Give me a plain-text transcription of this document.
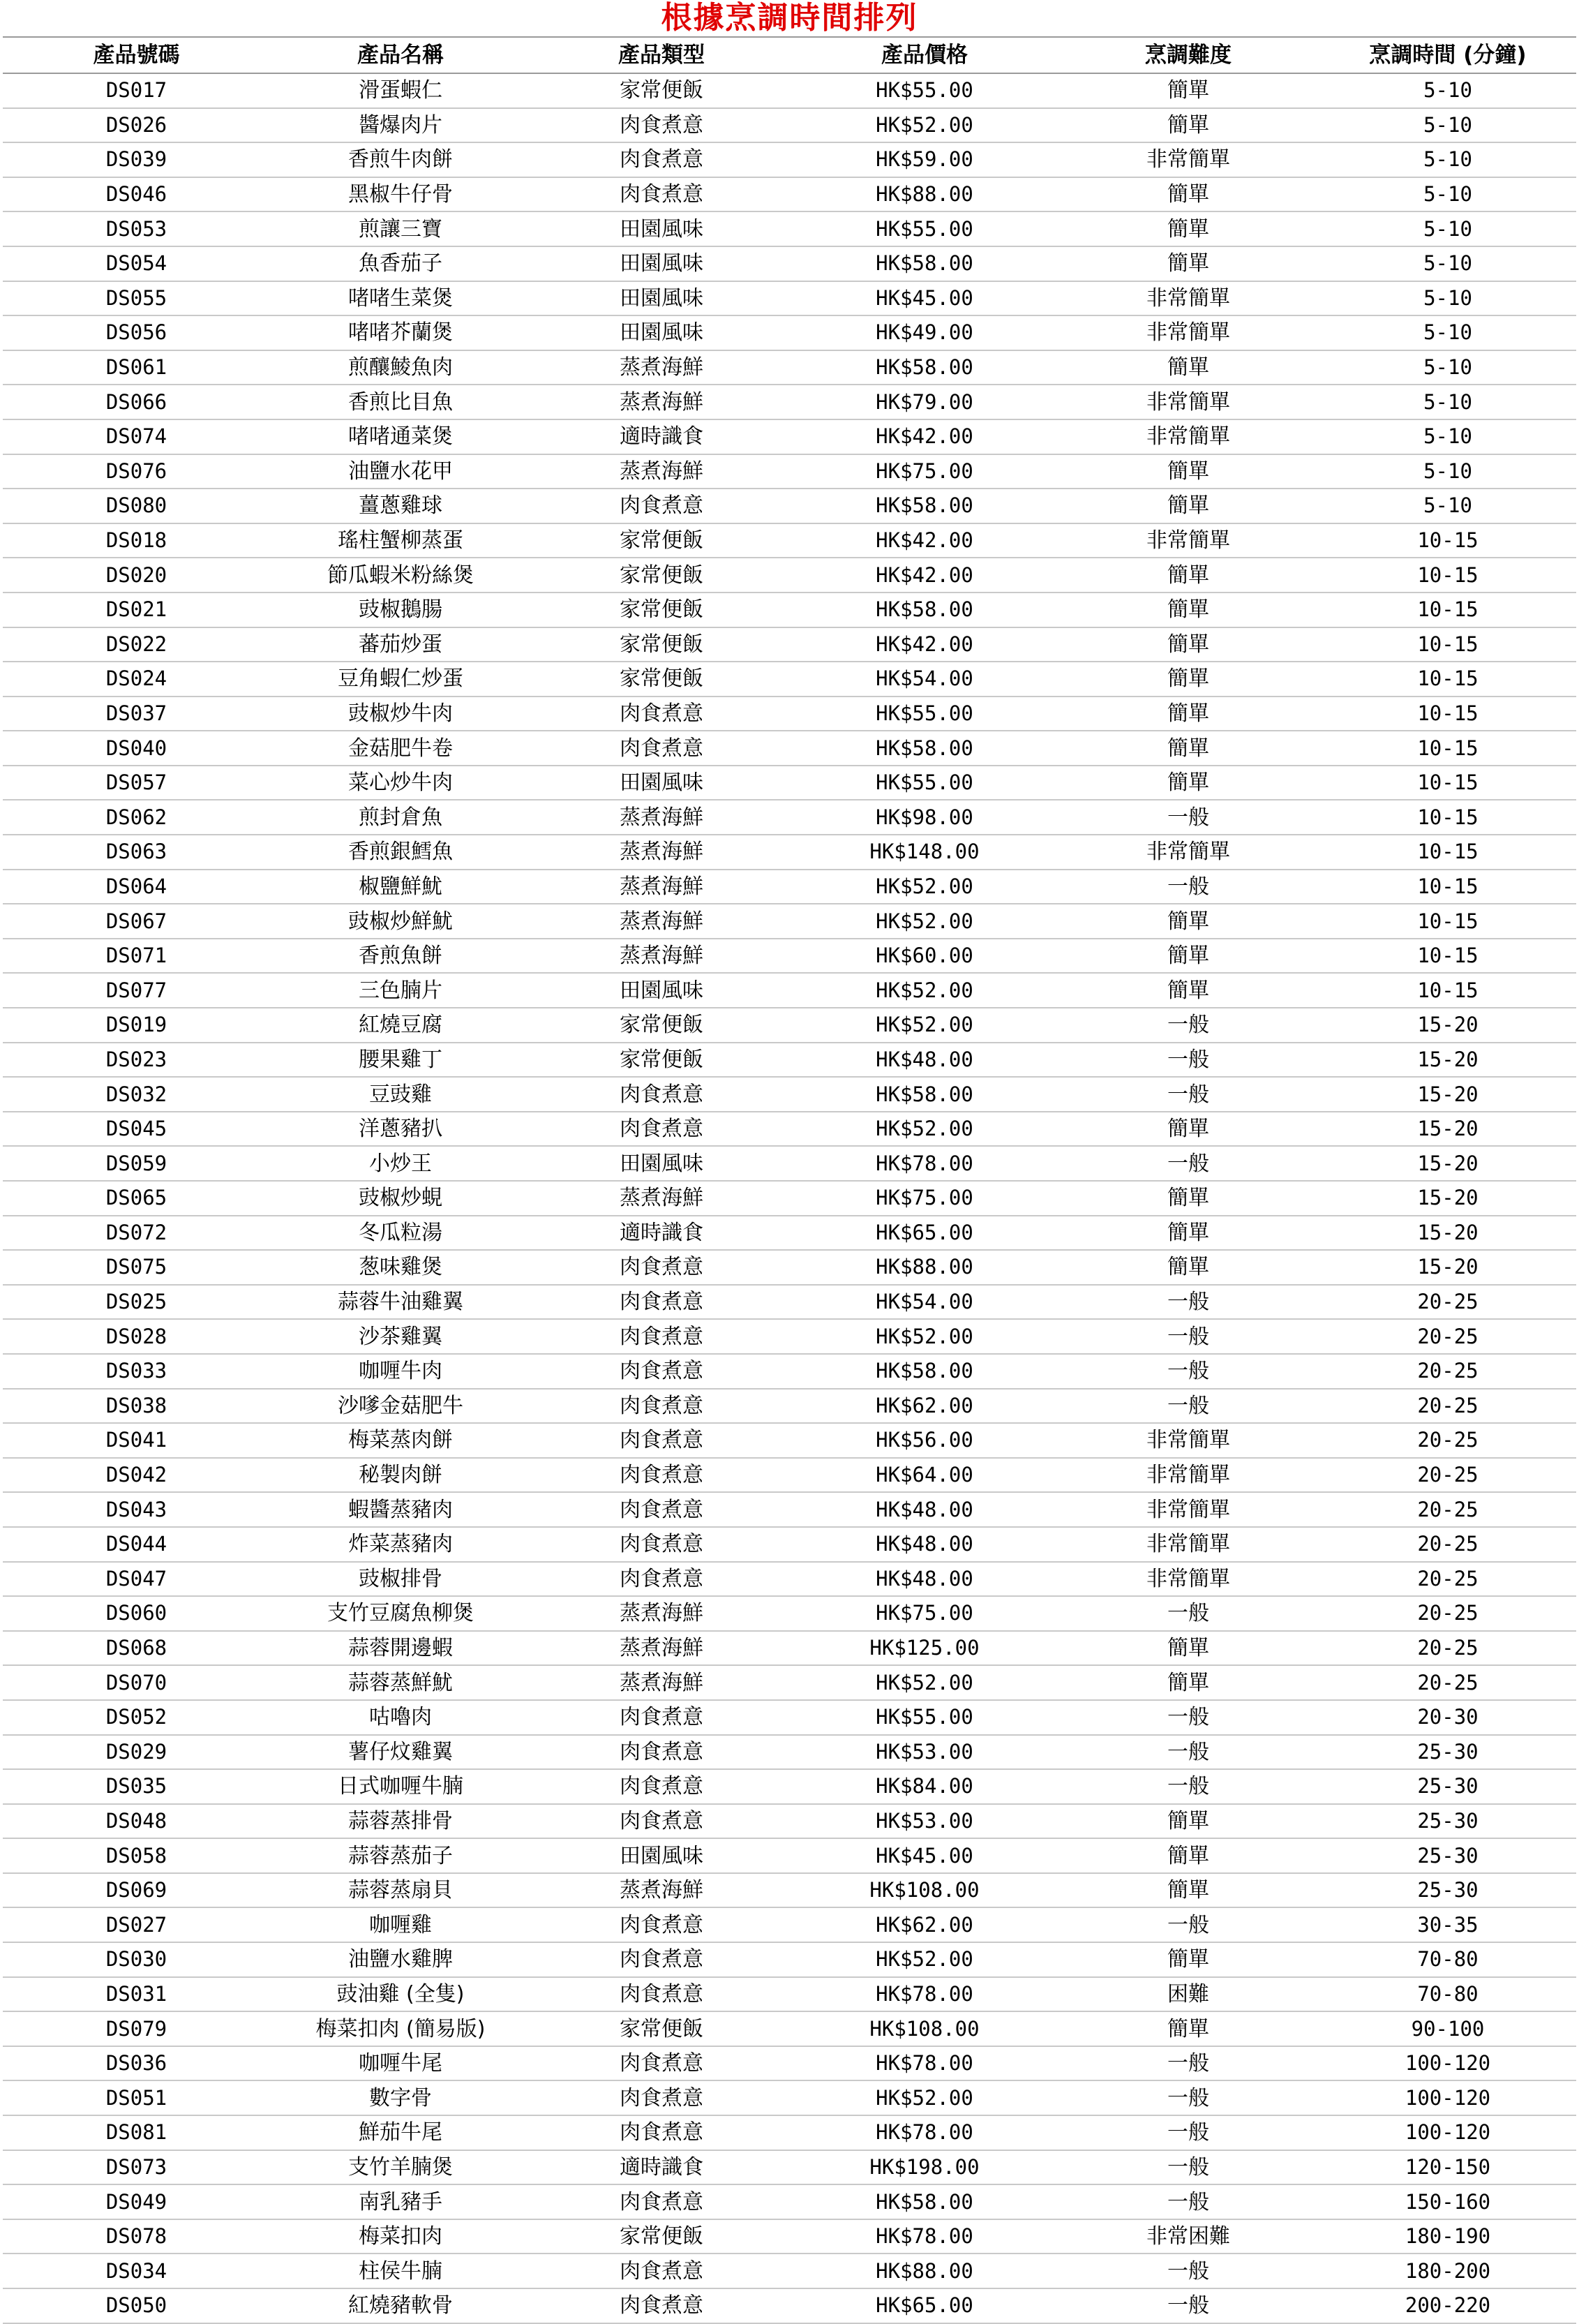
根據烹調時間排列
產品號碼	產品名稱	產品類型	產品價格	烹調難度	烹調時間 (分鐘)
DS017	滑蛋蝦仁	家常便飯	HK$55.00	簡單	5-10
DS026	醬爆肉片	肉食煮意	HK$52.00	簡單	5-10
DS039	香煎牛肉餅	肉食煮意	HK$59.00	非常簡單	5-10
DS046	黑椒牛仔骨	肉食煮意	HK$88.00	簡單	5-10
DS053	煎讓三寶	田園風味	HK$55.00	簡單	5-10
DS054	魚香茄子	田園風味	HK$58.00	簡單	5-10
DS055	啫啫生菜煲	田園風味	HK$45.00	非常簡單	5-10
DS056	啫啫芥蘭煲	田園風味	HK$49.00	非常簡單	5-10
DS061	煎釀鯪魚肉	蒸煮海鮮	HK$58.00	簡單	5-10
DS066	香煎比目魚	蒸煮海鮮	HK$79.00	非常簡單	5-10
DS074	啫啫通菜煲	適時識食	HK$42.00	非常簡單	5-10
DS076	油鹽水花甲	蒸煮海鮮	HK$75.00	簡單	5-10
DS080	薑蔥雞球	肉食煮意	HK$58.00	簡單	5-10
DS018	瑤柱蟹柳蒸蛋	家常便飯	HK$42.00	非常簡單	10-15
DS020	節瓜蝦米粉絲煲	家常便飯	HK$42.00	簡單	10-15
DS021	豉椒鵝腸	家常便飯	HK$58.00	簡單	10-15
DS022	蕃茄炒蛋	家常便飯	HK$42.00	簡單	10-15
DS024	豆角蝦仁炒蛋	家常便飯	HK$54.00	簡單	10-15
DS037	豉椒炒牛肉	肉食煮意	HK$55.00	簡單	10-15
DS040	金菇肥牛卷	肉食煮意	HK$58.00	簡單	10-15
DS057	菜心炒牛肉	田園風味	HK$55.00	簡單	10-15
DS062	煎封倉魚	蒸煮海鮮	HK$98.00	一般	10-15
DS063	香煎銀鱈魚	蒸煮海鮮	HK$148.00	非常簡單	10-15
DS064	椒鹽鮮魷	蒸煮海鮮	HK$52.00	一般	10-15
DS067	豉椒炒鮮魷	蒸煮海鮮	HK$52.00	簡單	10-15
DS071	香煎魚餅	蒸煮海鮮	HK$60.00	簡單	10-15
DS077	三色腩片	田園風味	HK$52.00	簡單	10-15
DS019	紅燒豆腐	家常便飯	HK$52.00	一般	15-20
DS023	腰果雞丁	家常便飯	HK$48.00	一般	15-20
DS032	豆豉雞	肉食煮意	HK$58.00	一般	15-20
DS045	洋蔥豬扒	肉食煮意	HK$52.00	簡單	15-20
DS059	小炒王	田園風味	HK$78.00	一般	15-20
DS065	豉椒炒蜆	蒸煮海鮮	HK$75.00	簡單	15-20
DS072	冬瓜粒湯	適時識食	HK$65.00	簡單	15-20
DS075	葱味雞煲	肉食煮意	HK$88.00	簡單	15-20
DS025	蒜蓉牛油雞翼	肉食煮意	HK$54.00	一般	20-25
DS028	沙茶雞翼	肉食煮意	HK$52.00	一般	20-25
DS033	咖喱牛肉	肉食煮意	HK$58.00	一般	20-25
DS038	沙嗲金菇肥牛	肉食煮意	HK$62.00	一般	20-25
DS041	梅菜蒸肉餅	肉食煮意	HK$56.00	非常簡單	20-25
DS042	秘製肉餅	肉食煮意	HK$64.00	非常簡單	20-25
DS043	蝦醬蒸豬肉	肉食煮意	HK$48.00	非常簡單	20-25
DS044	炸菜蒸豬肉	肉食煮意	HK$48.00	非常簡單	20-25
DS047	豉椒排骨	肉食煮意	HK$48.00	非常簡單	20-25
DS060	支竹豆腐魚柳煲	蒸煮海鮮	HK$75.00	一般	20-25
DS068	蒜蓉開邊蝦	蒸煮海鮮	HK$125.00	簡單	20-25
DS070	蒜蓉蒸鮮魷	蒸煮海鮮	HK$52.00	簡單	20-25
DS052	咕嚕肉	肉食煮意	HK$55.00	一般	20-30
DS029	薯仔炆雞翼	肉食煮意	HK$53.00	一般	25-30
DS035	日式咖喱牛腩	肉食煮意	HK$84.00	一般	25-30
DS048	蒜蓉蒸排骨	肉食煮意	HK$53.00	簡單	25-30
DS058	蒜蓉蒸茄子	田園風味	HK$45.00	簡單	25-30
DS069	蒜蓉蒸扇貝	蒸煮海鮮	HK$108.00	簡單	25-30
DS027	咖喱雞	肉食煮意	HK$62.00	一般	30-35
DS030	油鹽水雞脾	肉食煮意	HK$52.00	簡單	70-80
DS031	豉油雞 (全隻)	肉食煮意	HK$78.00	困難	70-80
DS079	梅菜扣肉 (簡易版)	家常便飯	HK$108.00	簡單	90-100
DS036	咖喱牛尾	肉食煮意	HK$78.00	一般	100-120
DS051	數字骨	肉食煮意	HK$52.00	一般	100-120
DS081	鮮茄牛尾	肉食煮意	HK$78.00	一般	100-120
DS073	支竹羊腩煲	適時識食	HK$198.00	一般	120-150
DS049	南乳豬手	肉食煮意	HK$58.00	一般	150-160
DS078	梅菜扣肉	家常便飯	HK$78.00	非常困難	180-190
DS034	柱侯牛腩	肉食煮意	HK$88.00	一般	180-200
DS050	紅燒豬軟骨	肉食煮意	HK$65.00	一般	200-220
